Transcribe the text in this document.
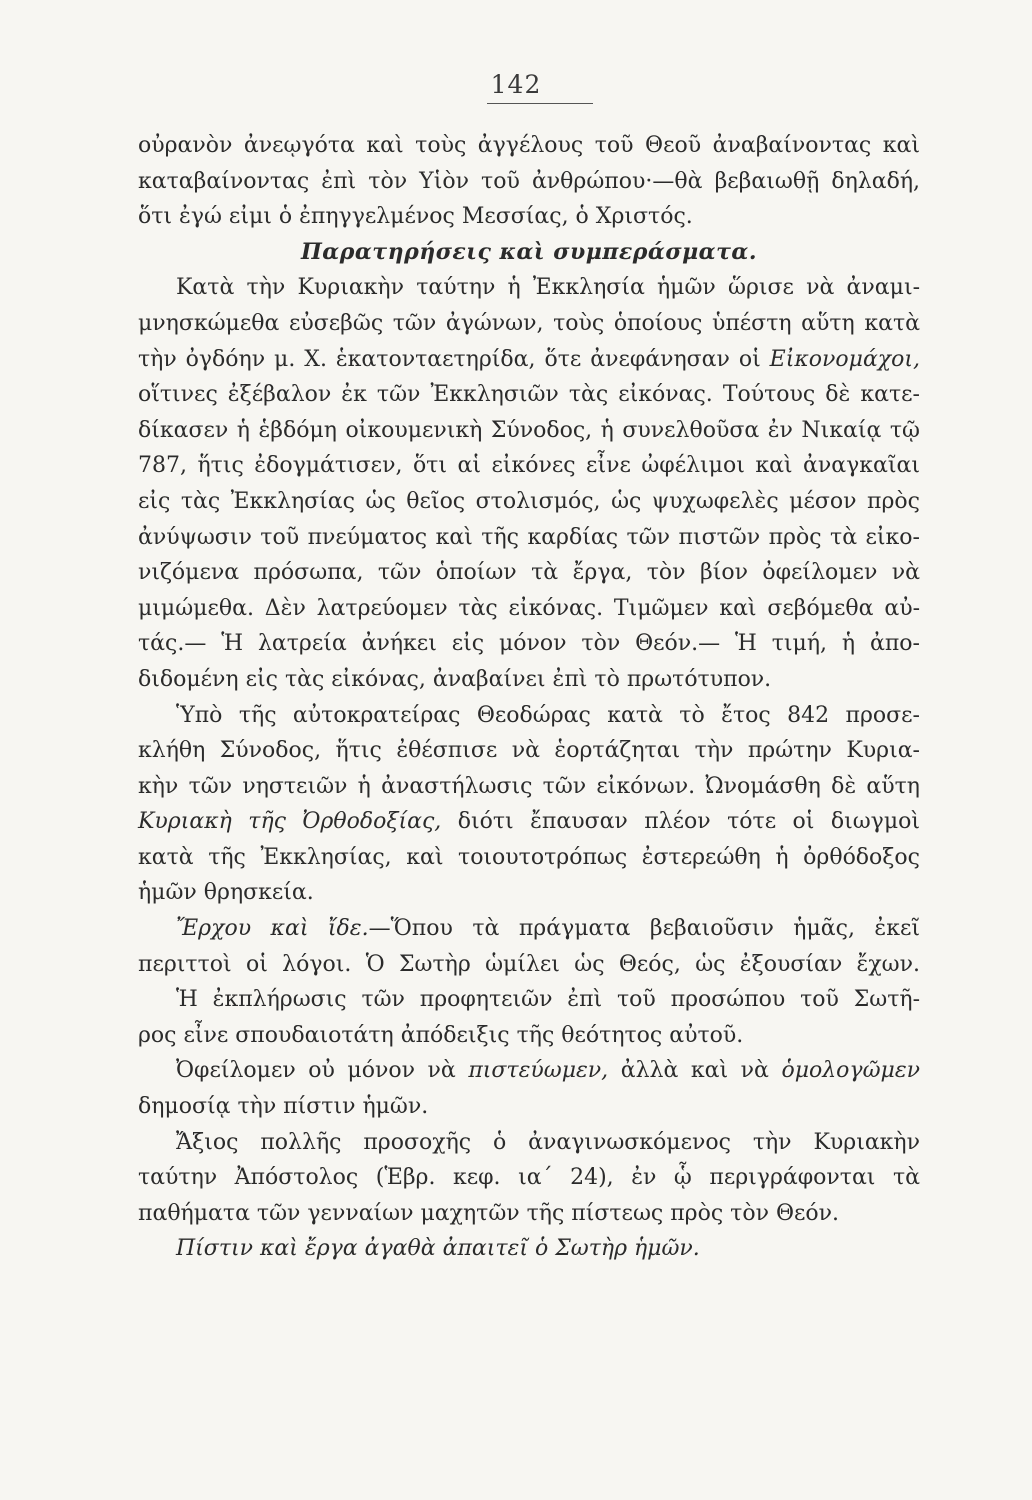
142
οὐρανὸν ἀνεῳγότα καὶ τοὺς ἀγγέλους τοῦ Θεοῦ ἀναβαίνοντας καὶ
καταβαίνοντας ἐπὶ τὸν Υἱὸν τοῦ ἀνθρώπου·—θὰ βεβαιωθῇ δηλαδή,
ὅτι ἐγώ εἰμι ὁ ἐπηγγελμένος Μεσσίας, ὁ Χριστός.
Παρατηρήσεις καὶ συμπεράσματα.
Κατὰ τὴν Κυριακὴν ταύτην ἡ Ἐκκλησία ἡμῶν ὥρισε νὰ ἀναμι-
μνησκώμεθα εὐσεβῶς τῶν ἀγώνων, τοὺς ὁποίους ὑπέστη αὕτη κατὰ
τὴν ὀγδόην μ. Χ. ἑκατονταετηρίδα, ὅτε ἀνεφάνησαν οἱ Εἰκονομάχοι,
οἵτινες ἐξέβαλον ἐκ τῶν Ἐκκλησιῶν τὰς εἰκόνας. Τούτους δὲ κατε-
δίκασεν ἡ ἑβδόμη οἰκουμενικὴ Σύνοδος, ἡ συνελθοῦσα ἐν Νικαίᾳ τῷ
787, ἥτις ἐδογμάτισεν, ὅτι αἱ εἰκόνες εἶνε ὠφέλιμοι καὶ ἀναγκαῖαι
εἰς τὰς Ἐκκλησίας ὡς θεῖος στολισμός, ὡς ψυχωφελὲς μέσον πρὸς
ἀνύψωσιν τοῦ πνεύματος καὶ τῆς καρδίας τῶν πιστῶν πρὸς τὰ εἰκο-
νιζόμενα πρόσωπα, τῶν ὁποίων τὰ ἔργα, τὸν βίον ὀφείλομεν νὰ
μιμώμεθα. Δὲν λατρεύομεν τὰς εἰκόνας. Τιμῶμεν καὶ σεβόμεθα αὐ-
τάς.— Ἡ λατρεία ἀνήκει εἰς μόνον τὸν Θεόν.— Ἡ τιμή, ἡ ἀπο-
διδομένη εἰς τὰς εἰκόνας, ἀναβαίνει ἐπὶ τὸ πρωτότυπον.
Ὑπὸ τῆς αὐτοκρατείρας Θεοδώρας κατὰ τὸ ἔτος 842 προσε-
κλήθη Σύνοδος, ἥτις ἐθέσπισε νὰ ἑορτάζηται τὴν πρώτην Κυρια-
κὴν τῶν νηστειῶν ἡ ἀναστήλωσις τῶν εἰκόνων. Ὠνομάσθη δὲ αὕτη
Κυριακὴ τῆς Ὀρθοδοξίας, διότι ἔπαυσαν πλέον τότε οἱ διωγμοὶ
κατὰ τῆς Ἐκκλησίας, καὶ τοιουτοτρόπως ἐστερεώθη ἡ ὀρθόδοξος
ἡμῶν θρησκεία.
Ἔρχου καὶ ἴδε.—Ὅπου τὰ πράγματα βεβαιοῦσιν ἡμᾶς, ἐκεῖ
περιττοὶ οἱ λόγοι. Ὁ Σωτὴρ ὡμίλει ὡς Θεός, ὡς ἐξουσίαν ἔχων.
Ἡ ἐκπλήρωσις τῶν προφητειῶν ἐπὶ τοῦ προσώπου τοῦ Σωτῆ-
ρος εἶνε σπουδαιοτάτη ἀπόδειξις τῆς θεότητος αὐτοῦ.
Ὀφείλομεν οὐ μόνον νὰ πιστεύωμεν, ἀλλὰ καὶ νὰ ὁμολογῶμεν
δημοσίᾳ τὴν πίστιν ἡμῶν.
Ἄξιος πολλῆς προσοχῆς ὁ ἀναγινωσκόμενος τὴν Κυριακὴν
ταύτην Ἀπόστολος (Ἑβρ. κεφ. ια΄ 24), ἐν ᾧ περιγράφονται τὰ
παθήματα τῶν γενναίων μαχητῶν τῆς πίστεως πρὸς τὸν Θεόν.
Πίστιν καὶ ἔργα ἀγαθὰ ἀπαιτεῖ ὁ Σωτὴρ ἡμῶν.
